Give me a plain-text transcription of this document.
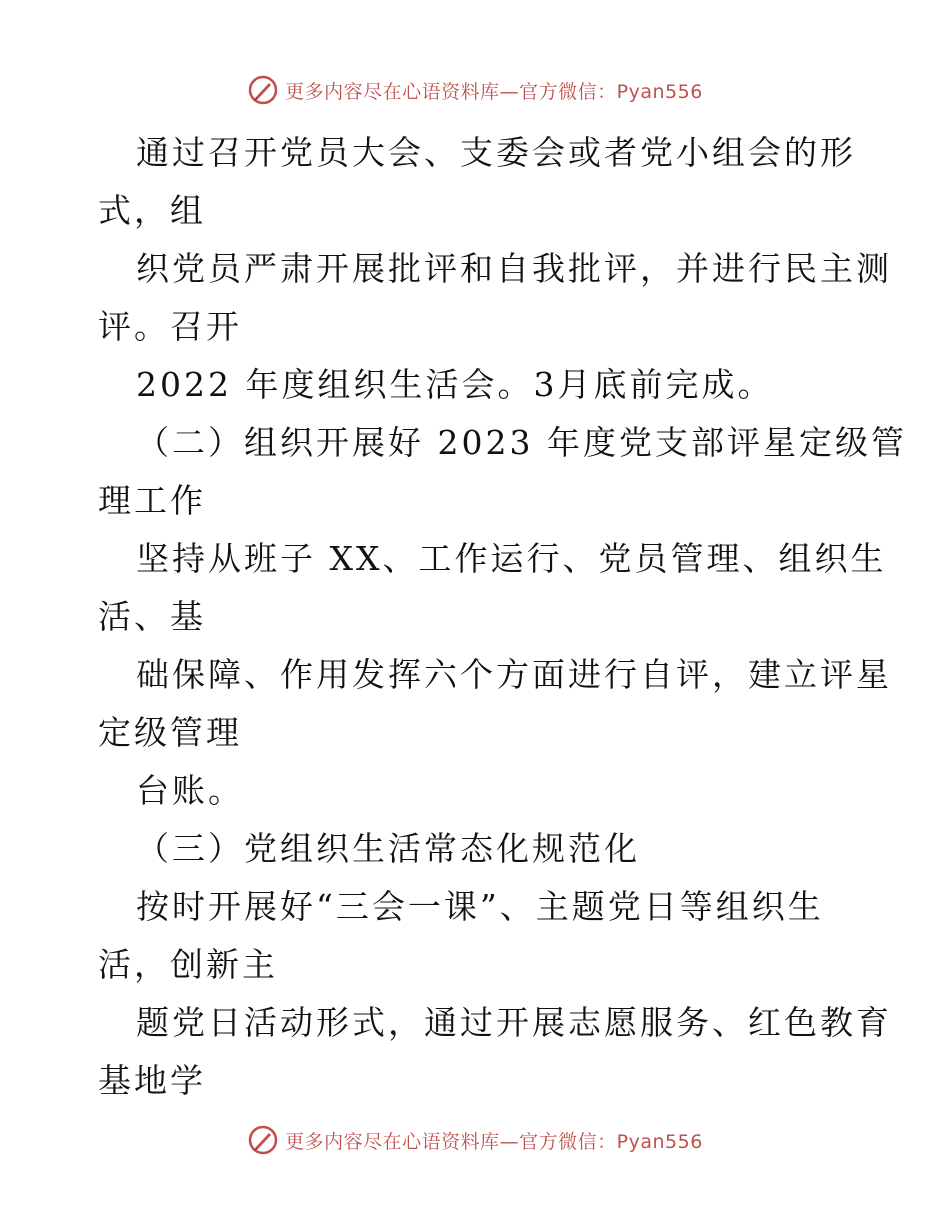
更多内容尽在心语资料库—官方微信：Pyan556
通过召开党员大会、支委会或者党小组会的形
式，组
织党员严肃开展批评和自我批评，并进行民主测
评。召开
2022 年度组织生活会。3月底前完成。
（二）组织开展好 2023 年度党支部评星定级管
理工作
坚持从班子 XX、工作运行、党员管理、组织生
活、基
础保障、作用发挥六个方面进行自评，建立评星
定级管理
台账。
（三）党组织生活常态化规范化
按时开展好“三会一课”、主题党日等组织生
活，创新主
题党日活动形式，通过开展志愿服务、红色教育
基地学
更多内容尽在心语资料库—官方微信：Pyan556
